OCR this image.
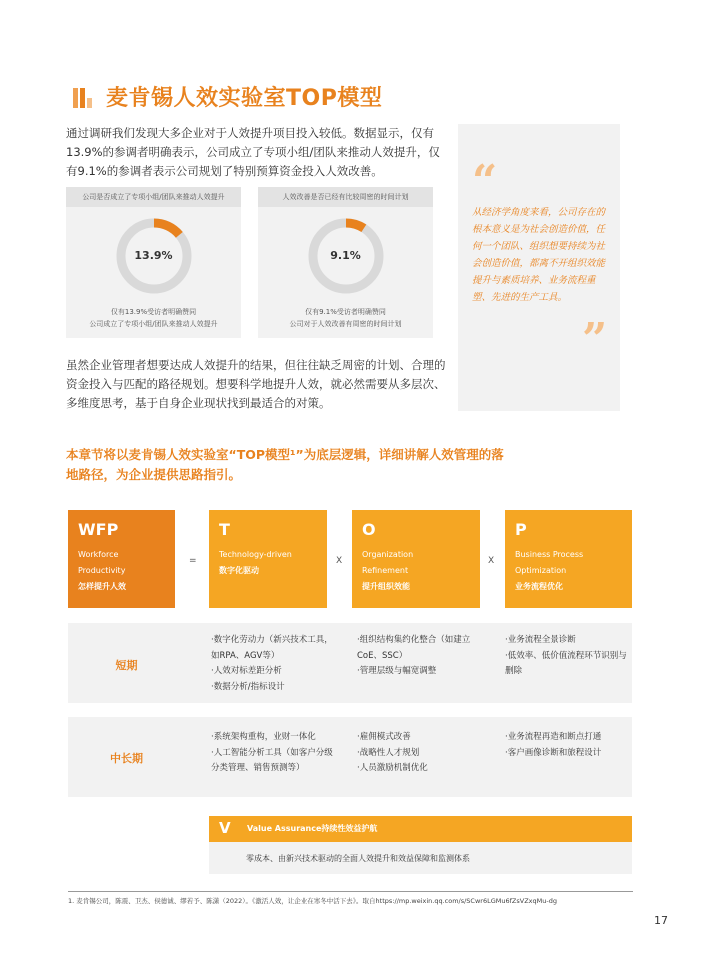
麦肯锡人效实验室TOP模型

通过调研我们发现大多企业对于人效提升项目投入较低。数据显示，仅有13.9%的参调者明确表示，公司成立了专项小组/团队来推动人效提升，仅有9.1%的参调者表示公司规划了特别预算资金投入人效改善。

公司是否成立了专项小组/团队来推动人效提升
13.9%
仅有13.9%受访者明确赞同
公司成立了专项小组/团队来推动人效提升
人效改善是否已经有比较周密的时间计划
9.1%
仅有9.1%受访者明确赞同
公司对于人效改善有周密的时间计划

虽然企业管理者想要达成人效提升的结果，但往往缺乏周密的计划、合理的资金投入与匹配的路径规划。想要科学地提升人效，就必然需要从多层次、多维度思考，基于自身企业现状找到最适合的对策。

从经济学角度来看，公司存在的根本意义是为社会创造价值，任何一个团队、组织想要持续为社会创造价值，都离不开组织效能提升与素质培养、业务流程重塑、先进的生产工具。
“
”

本章节将以麦肯锡人效实验室“TOP模型¹”为底层逻辑，详细讲解人效管理的落地路径，为企业提供思路指引。

WFP
Workforce
Productivity
怎样提升人效
=
T
Technology-driven
数字化驱动
X
O
Organization
Refinement
提升组织效能
X
P
Business Process
Optimization
业务流程优化
短期
·数字化劳动力（新兴技术工具，如RPA、AGV等）
·人效对标差距分析
·数据分析/指标设计
·组织结构集约化整合（如建立CoE、SSC）
·管理层级与幅宽调整
·业务流程全景诊断
·低效率、低价值流程环节识别与删除
中长期
·系统架构重构，业财一体化
·人工智能分析工具（如客户分级分类管理、销售预测等）
·雇佣模式改善
·战略性人才规划
·人员激励机制优化
·业务流程再造和断点打通
·客户画像诊断和旅程设计
V Value Assurance持续性效益护航
零成本、由新兴技术驱动的全面人效提升和效益保障和监测体系
1. 麦肯锡公司，陈震、卫杰、侯德诚、缪若予、陈潇（2022）。《激活人效，让企业在寒冬中活下去》。取自https://mp.weixin.qq.com/s/SCwr6LGMu6fZsVZxqMu-dg
17
